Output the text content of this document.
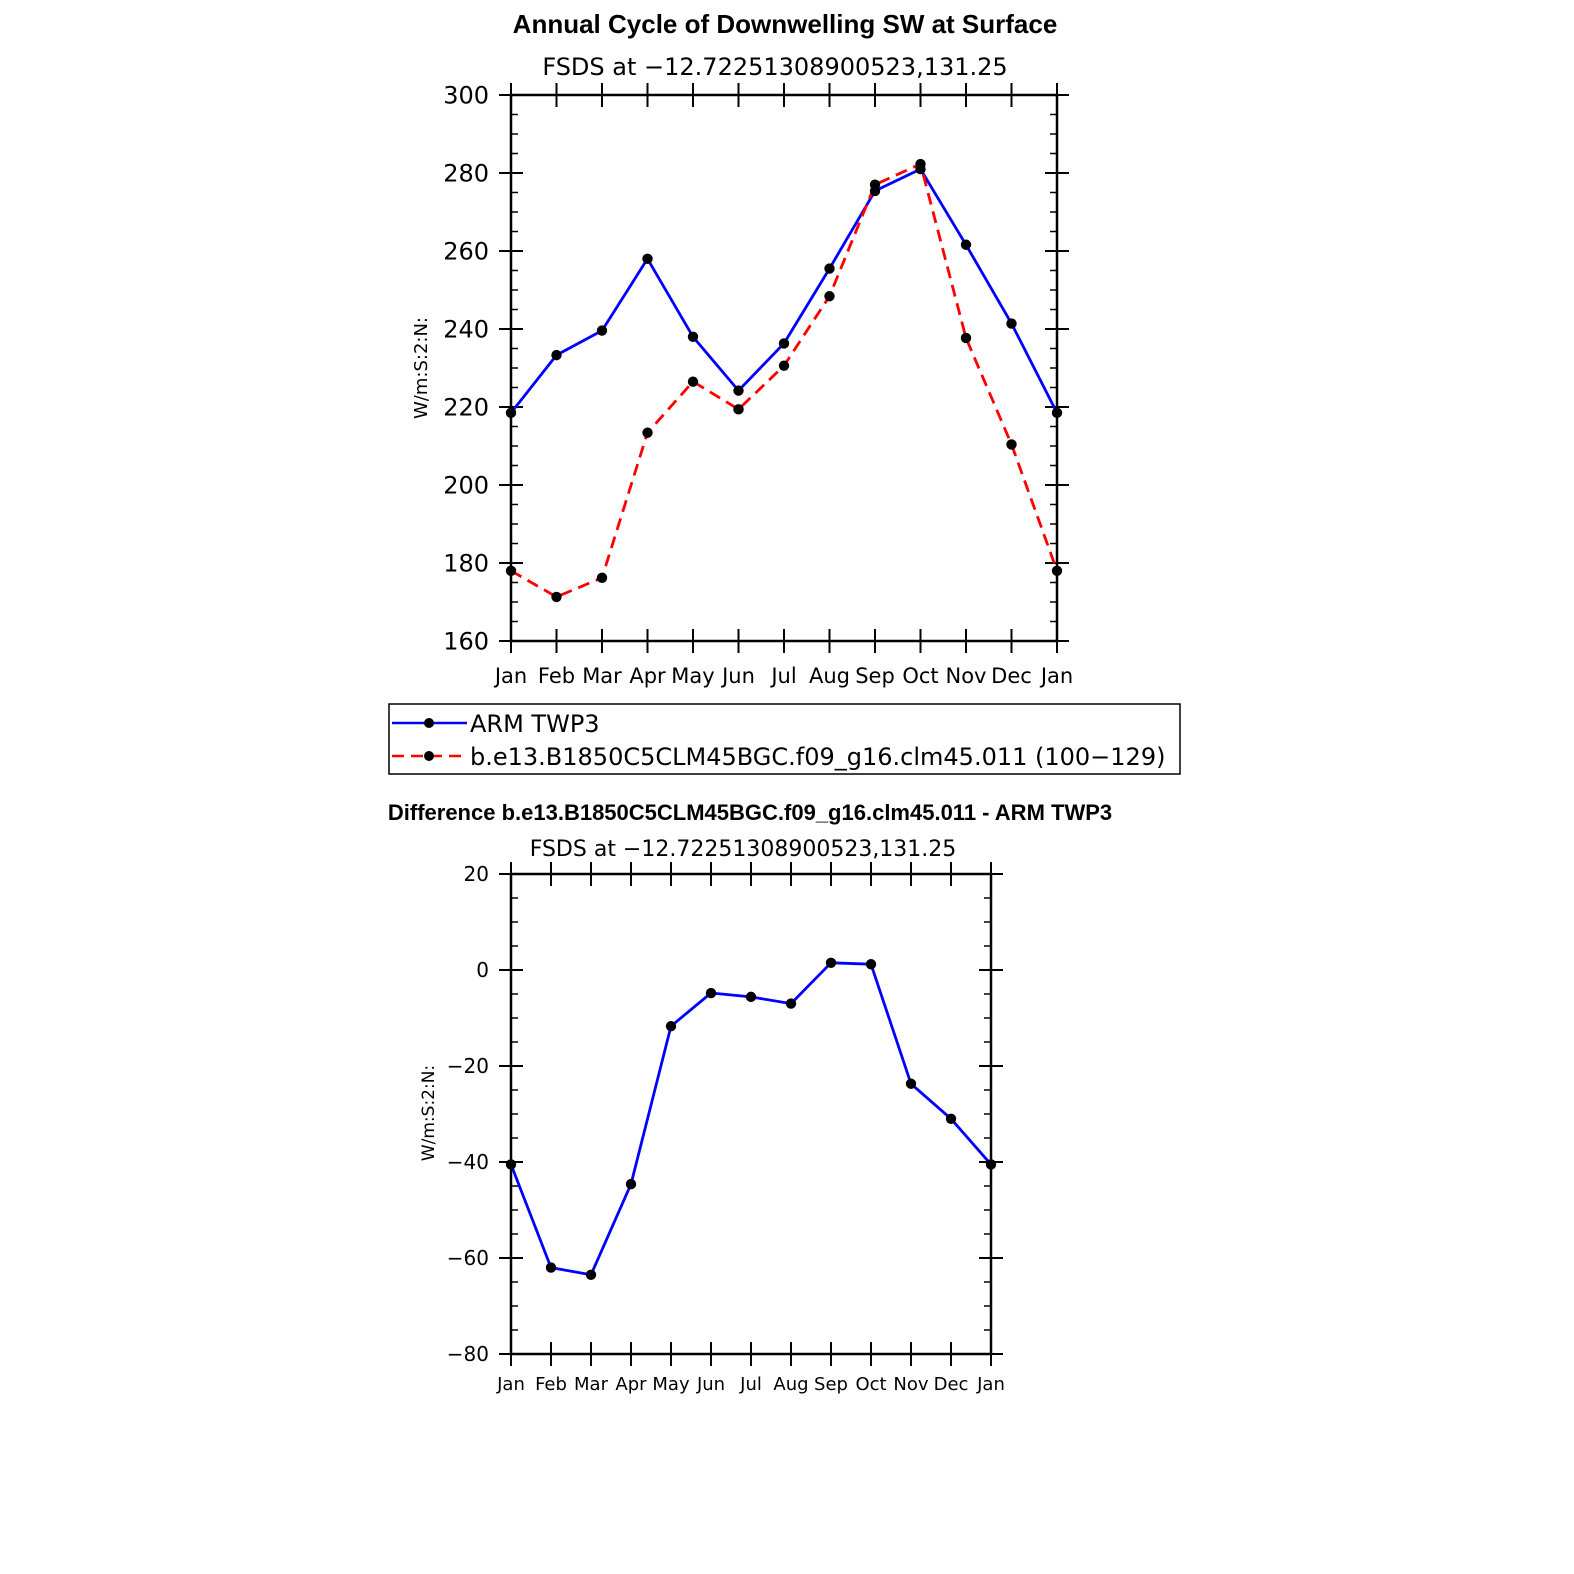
Annual Cycle of Downwelling SW at Surface
FSDS at −12.72251308900523,131.25
W/m:S:2:N:
160
180
200
220
240
260
280
300
Jan Feb Mar Apr May Jun Jul Aug Sep Oct Nov Dec Jan
ARM TWP3
b.e13.B1850C5CLM45BGC.f09_g16.clm45.011 (100−129)
Difference b.e13.B1850C5CLM45BGC.f09_g16.clm45.011 - ARM TWP3
FSDS at −12.72251308900523,131.25
W/m:S:2:N:
−80
−60
−40
−20
0
20
Jan Feb Mar Apr May Jun Jul Aug Sep Oct Nov Dec Jan
